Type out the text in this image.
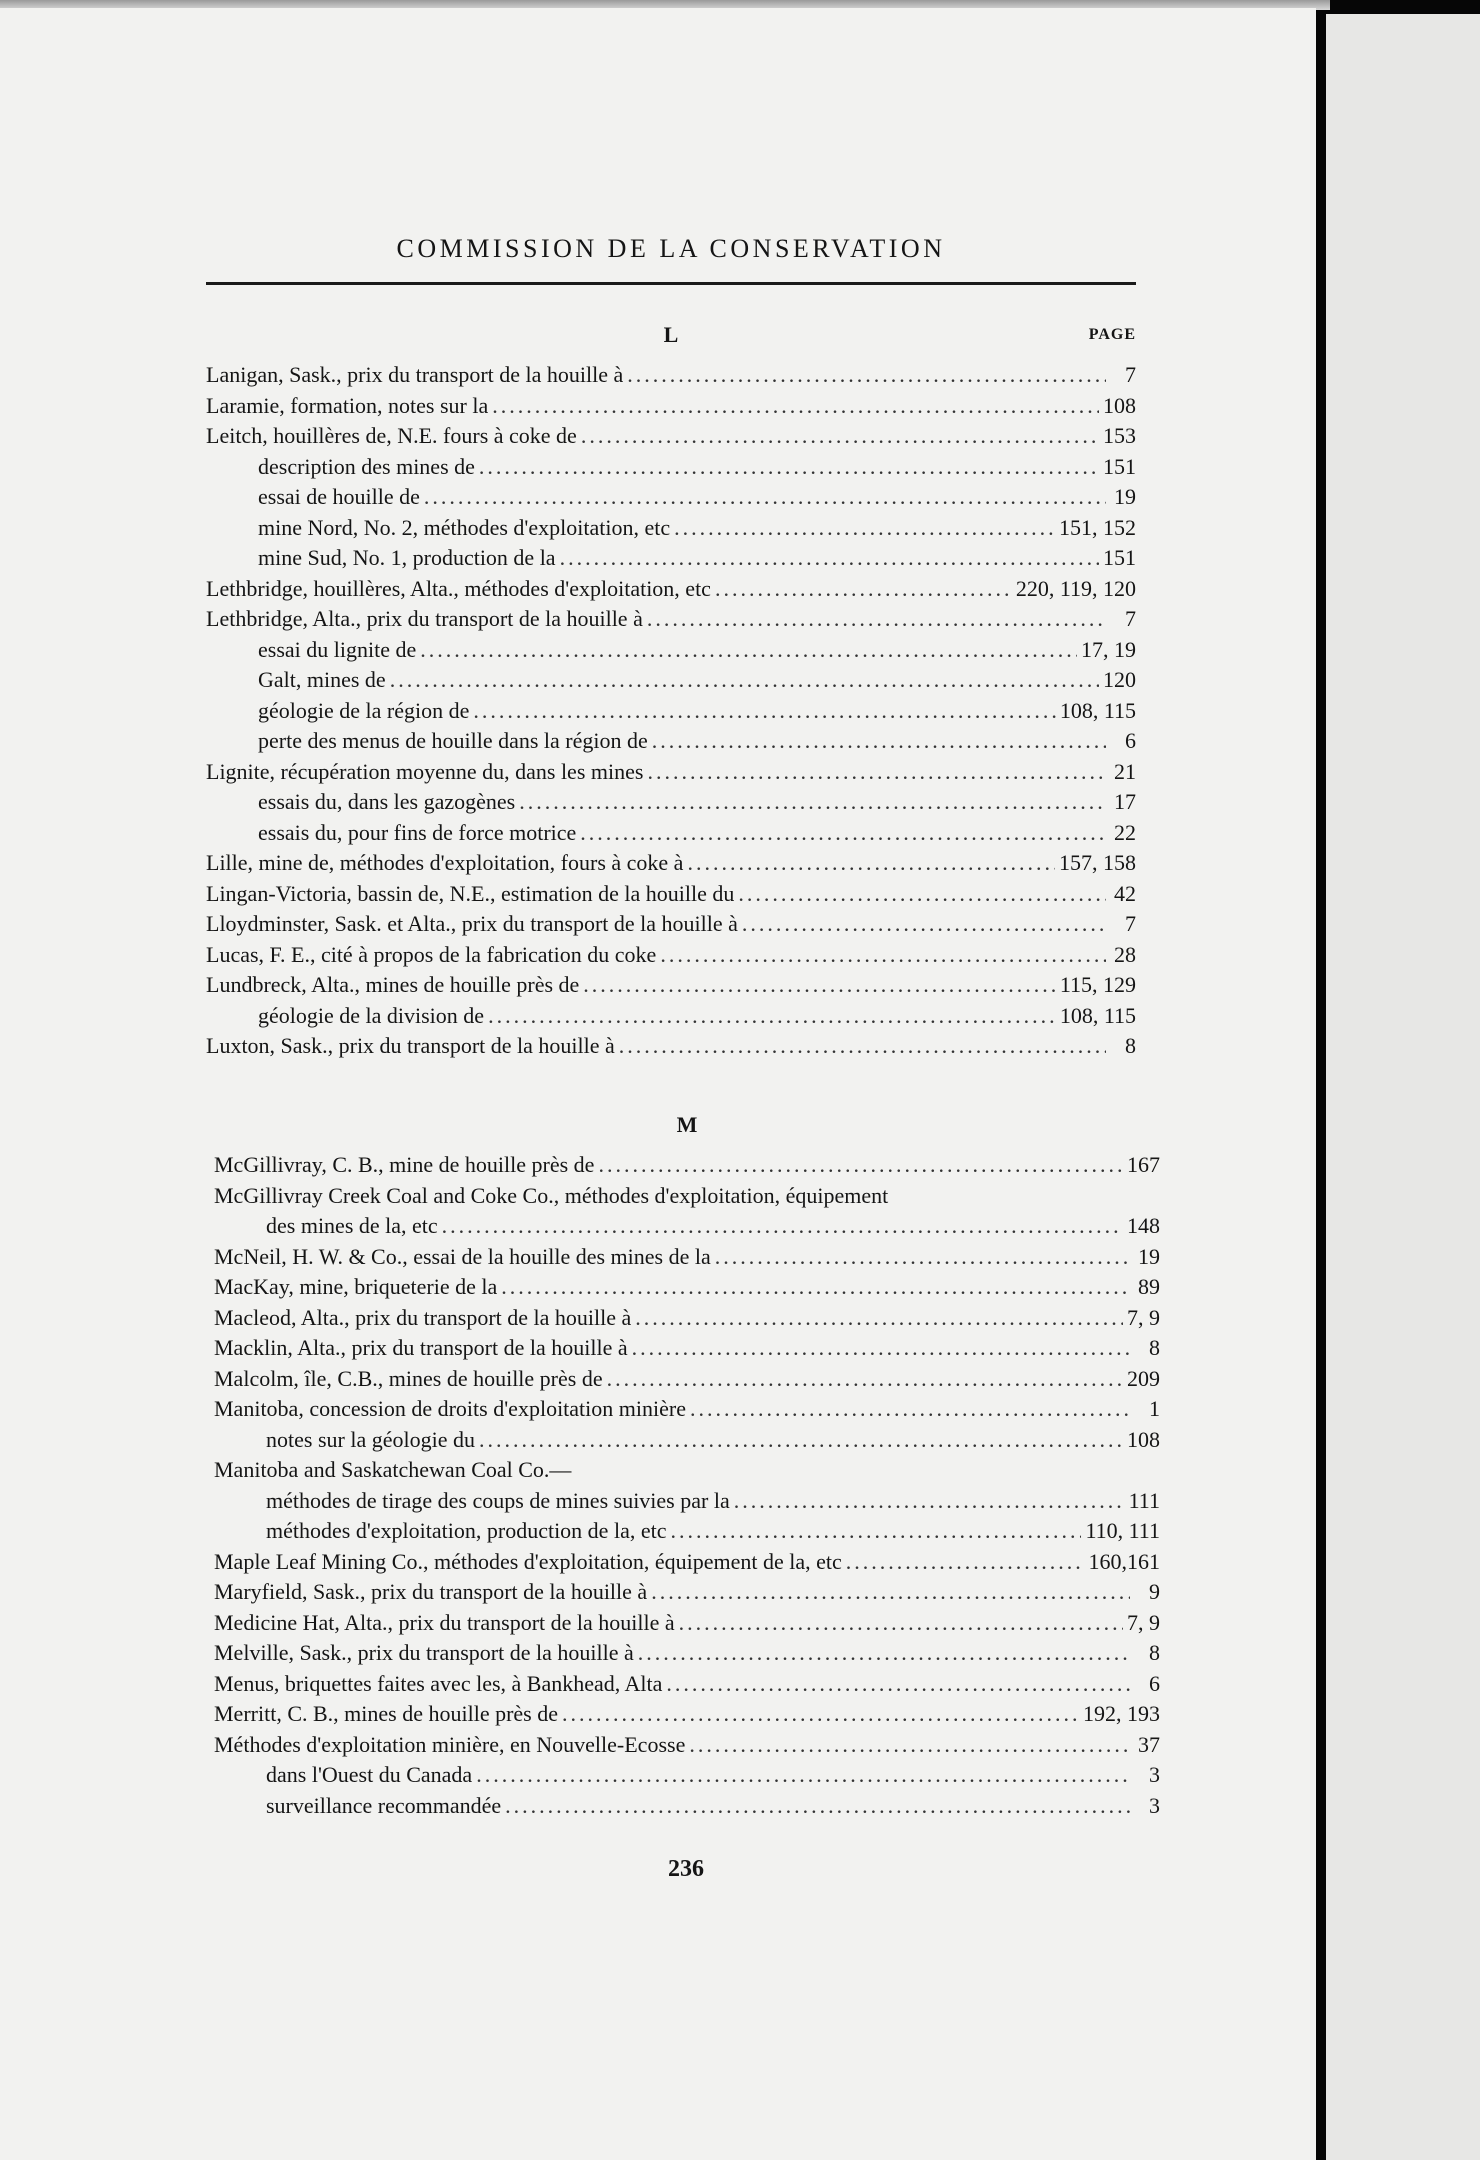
COMMISSION DE LA CONSERVATION
L	PAGE
Lanigan, Sask., prix du transport de la houille à .....	7
Laramie, formation, notes sur la .....	108
Leitch, houillères de, N.E. fours à coke de .....	153
description des mines de .....	151
essai de houille de .....	19
mine Nord, No. 2, méthodes d'exploitation, etc .....	151, 152
mine Sud, No. 1, production de la .....	151
Lethbridge, houillères, Alta., méthodes d'exploitation, etc .....	220, 119, 120
Lethbridge, Alta., prix du transport de la houille à .....	7
essai du lignite de .....	17, 19
Galt, mines de .....	120
géologie de la région de .....	108, 115
perte des menus de houille dans la région de .....	6
Lignite, récupération moyenne du, dans les mines .....	21
essais du, dans les gazogènes .....	17
essais du, pour fins de force motrice .....	22
Lille, mine de, méthodes d'exploitation, fours à coke à .....	157, 158
Lingan-Victoria, bassin de, N.E., estimation de la houille du .....	42
Lloydminster, Sask. et Alta., prix du transport de la houille à .....	7
Lucas, F. E., cité à propos de la fabrication du coke .....	28
Lundbreck, Alta., mines de houille près de .....	115, 129
géologie de la division de .....	108, 115
Luxton, Sask., prix du transport de la houille à .....	8
M
McGillivray, C. B., mine de houille près de .....	167
McGillivray Creek Coal and Coke Co., méthodes d'exploitation, équipement
des mines de la, etc .....	148
McNeil, H. W. & Co., essai de la houille des mines de la .....	19
MacKay, mine, briqueterie de la .....	89
Macleod, Alta., prix du transport de la houille à .....	7, 9
Macklin, Alta., prix du transport de la houille à .....	8
Malcolm, île, C.B., mines de houille près de .....	209
Manitoba, concession de droits d'exploitation minière .....	1
notes sur la géologie du .....	108
Manitoba and Saskatchewan Coal Co.—
méthodes de tirage des coups de mines suivies par la .....	111
méthodes d'exploitation, production de la, etc .....	110, 111
Maple Leaf Mining Co., méthodes d'exploitation, équipement de la, etc .....	160,161
Maryfield, Sask., prix du transport de la houille à .....	9
Medicine Hat, Alta., prix du transport de la houille à .....	7, 9
Melville, Sask., prix du transport de la houille à .....	8
Menus, briquettes faites avec les, à Bankhead, Alta .....	6
Merritt, C. B., mines de houille près de .....	192, 193
Méthodes d'exploitation minière, en Nouvelle-Ecosse .....	37
dans l'Ouest du Canada .....	3
surveillance recommandée .....	3
236
